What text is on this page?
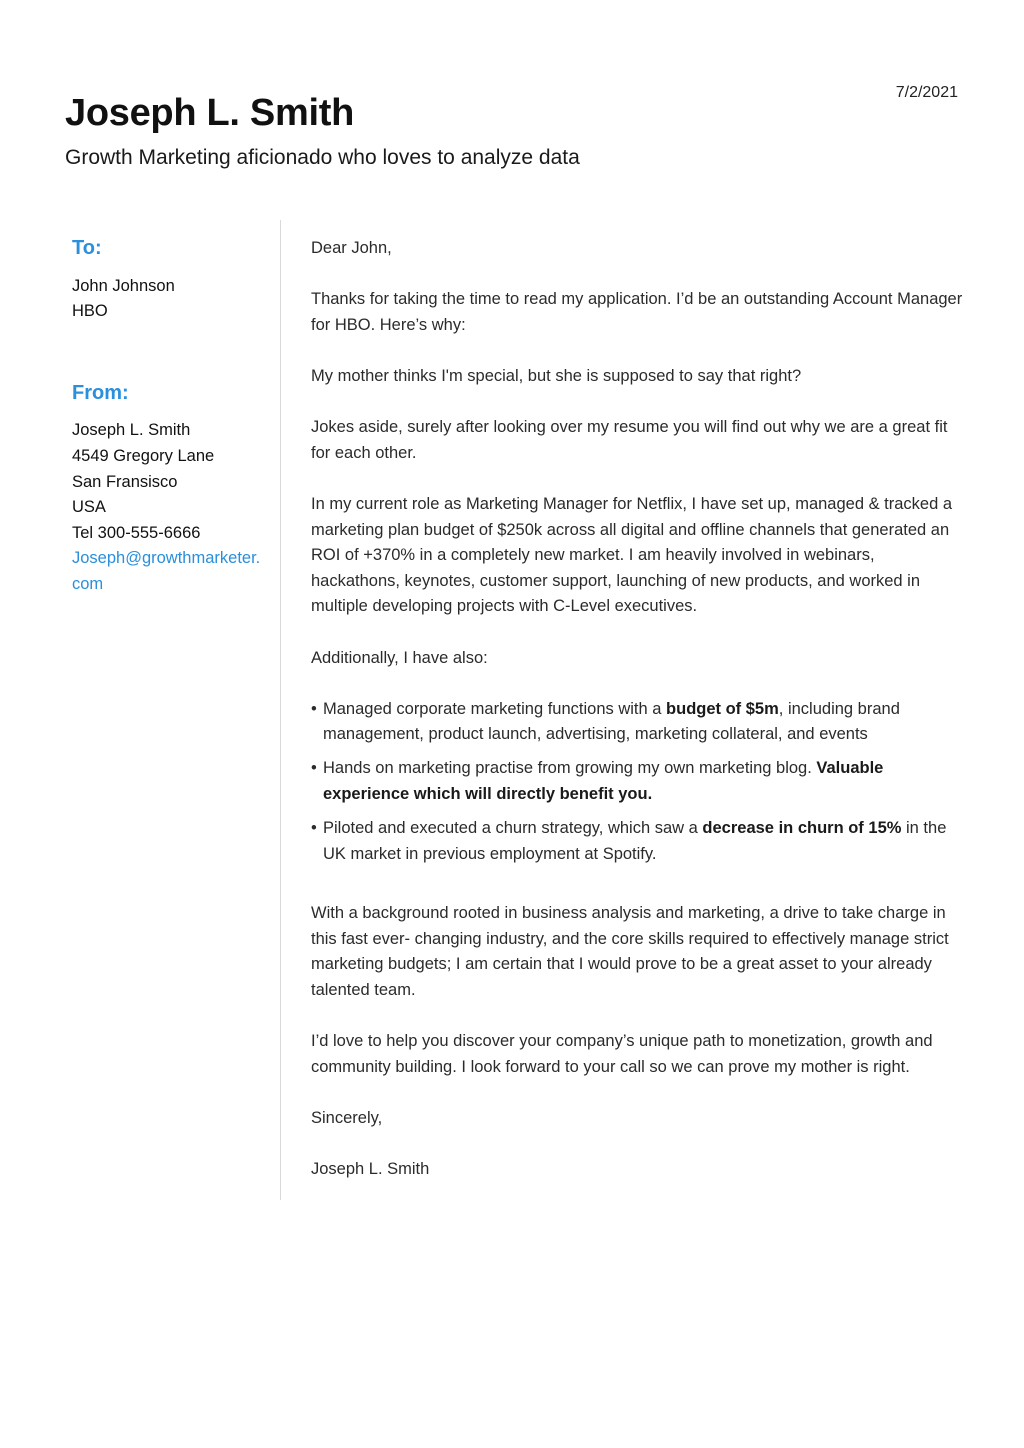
7/2/2021
Joseph L. Smith
Growth Marketing aficionado who loves to analyze data
To:
John Johnson
HBO
From:
Joseph L. Smith
4549 Gregory Lane
San Fransisco
USA
Tel 300-555-6666
Joseph@growthmarketer.com

Dear John,

Thanks for taking the time to read my application. I’d be an outstanding Account Manager for HBO. Here’s why:

My mother thinks I'm special, but she is supposed to say that right?

Jokes aside, surely after looking over my resume you will find out why we are a great fit for each other.

In my current role as Marketing Manager for Netflix, I have set up, managed & tracked a marketing plan budget of $250k across all digital and offline channels that generated an ROI of +370% in a completely new market. I am heavily involved in webinars, hackathons, keynotes, customer support, launching of new products, and worked in multiple developing projects with C-Level executives.

Additionally, I have also:

• Managed corporate marketing functions with a budget of $5m, including brand management, product launch, advertising, marketing collateral, and events
• Hands on marketing practise from growing my own marketing blog. Valuable experience which will directly benefit you.
• Piloted and executed a churn strategy, which saw a decrease in churn of 15% in the UK market in previous employment at Spotify.

With a background rooted in business analysis and marketing, a drive to take charge in this fast ever- changing industry, and the core skills required to effectively manage strict marketing budgets; I am certain that I would prove to be a great asset to your already talented team.

I’d love to help you discover your company’s unique path to monetization, growth and community building. I look forward to your call so we can prove my mother is right.

Sincerely,

Joseph L. Smith
